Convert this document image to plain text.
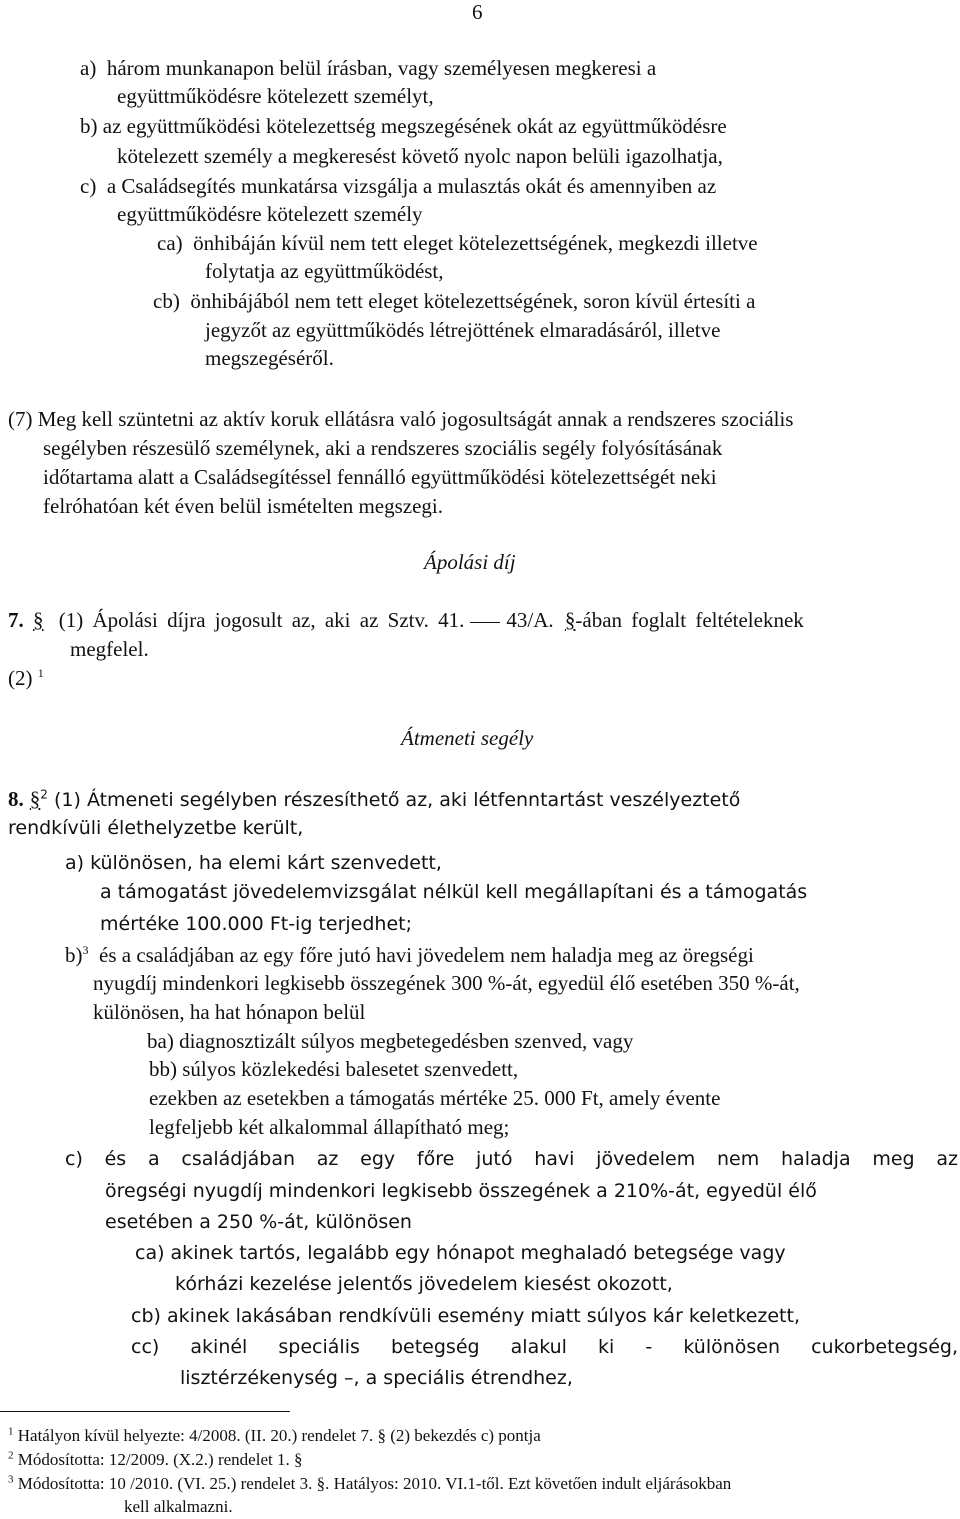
6
a) három munkanapon belül írásban, vagy személyesen megkeresi a
együttműködésre kötelezett személyt,
b) az együttműködési kötelezettség megszegésének okát az együttműködésre
kötelezett személy a megkeresést követő nyolc napon belüli igazolhatja,
c) a Családsegítés munkatársa vizsgálja a mulasztás okát és amennyiben az
együttműködésre kötelezett személy
ca) önhibáján kívül nem tett eleget kötelezettségének, megkezdi illetve
folytatja az együttműködést,
cb) önhibájából nem tett eleget kötelezettségének, soron kívül értesíti a
jegyzőt az együttműködés létrejöttének elmaradásáról, illetve
megszegéséről.
(7) Meg kell szüntetni az aktív koruk ellátásra való jogosultságát annak a rendszeres szociális
segélyben részesülő személynek, aki a rendszeres szociális segély folyósításának
időtartama alatt a Családsegítéssel fennálló együttműködési kötelezettségét neki
felróhatóan két éven belül ismételten megszegi.
Ápolási díj
7. § (1) Ápolási díjra jogosult az, aki az Sztv. 41. 43/A. §-ában foglalt feltételeknek
megfelel.
(2) $^1$
Átmeneti segély
8. §$^2$ (1) Átmeneti segélyben részesíthető az, aki létfenntartást veszélyeztető
rendkívüli élethelyzetbe került,
a) különösen, ha elemi kárt szenvedett,
a támogatást jövedelemvizsgálat nélkül kell megállapítani és a támogatás
mértéke 100.000 Ft-ig terjedhet;
b)$^3$ és a családjában az egy főre jutó havi jövedelem nem haladja meg az öregségi
nyugdíj mindenkori legkisebb összegének 300 %-át, egyedül élő esetében 350 %-át,
különösen, ha hat hónapon belül
ba) diagnosztizált súlyos megbetegedésben szenved, vagy
bb) súlyos közlekedési balesetet szenvedett,
ezekben az esetekben a támogatás mértéke 25. 000 Ft, amely évente
legfeljebb két alkalommal állapítható meg;
c) és a családjában az egy főre jutó havi jövedelem nem haladja meg az
öregségi nyugdíj mindenkori legkisebb összegének a 210%-át, egyedül élő
esetében a 250 %-át, különösen
ca) akinek tartós, legalább egy hónapot meghaladó betegsége vagy
kórházi kezelése jelentős jövedelem kiesést okozott,
cb) akinek lakásában rendkívüli esemény miatt súlyos kár keletkezett,
cc) akinél speciális betegség alakul ki - különösen cukorbetegség,
lisztérzékenység –, a speciális étrendhez,
$^1$ Hatályon kívül helyezte: 4/2008. (II. 20.) rendelet 7. § (2) bekezdés c) pontja
$^2$ Módosította: 12/2009. (X.2.) rendelet 1. §
$^3$ Módosította: 10 /2010. (VI. 25.) rendelet 3. §. Hatályos: 2010. VI.1-től. Ezt követően indult eljárásokban
kell alkalmazni.
